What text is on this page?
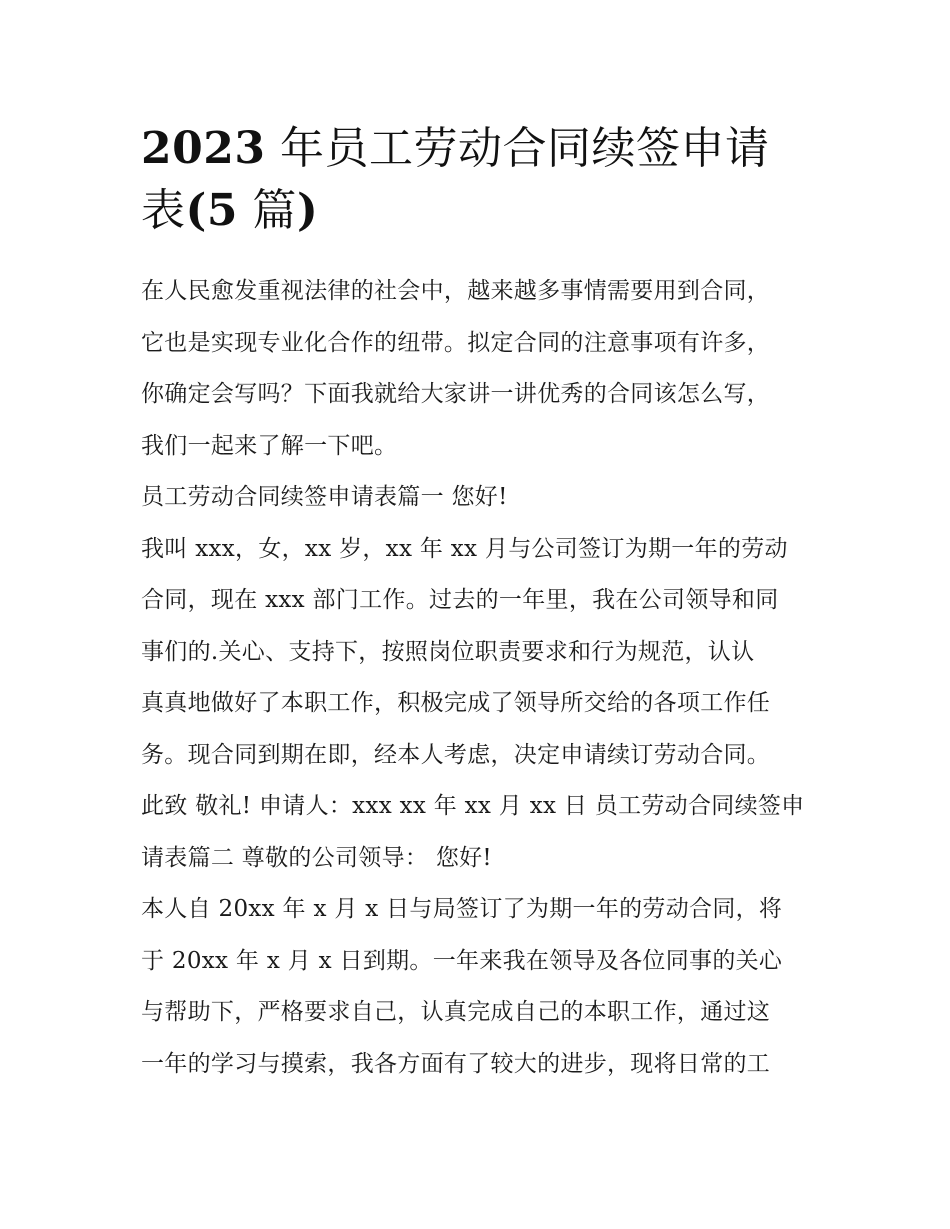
2023 年员工劳动合同续签申请
表(5 篇)
在人民愈发重视法律的社会中，越来越多事情需要用到合同，
它也是实现专业化合作的纽带。拟定合同的注意事项有许多，
你确定会写吗？下面我就给大家讲一讲优秀的合同该怎么写，
我们一起来了解一下吧。
员工劳动合同续签申请表篇一 您好!
我叫 xxx，女，xx 岁，xx 年 xx 月与公司签订为期一年的劳动
合同，现在 xxx 部门工作。过去的一年里，我在公司领导和同
事们的.关心、支持下，按照岗位职责要求和行为规范，认认
真真地做好了本职工作，积极完成了领导所交给的各项工作任
务。现合同到期在即，经本人考虑，决定申请续订劳动合同。
此致 敬礼! 申请人：xxx xx 年 xx 月 xx 日 员工劳动合同续签申
请表篇二 尊敬的公司领导： 您好!
本人自 20xx 年 x 月 x 日与局签订了为期一年的劳动合同，将
于 20xx 年 x 月 x 日到期。一年来我在领导及各位同事的关心
与帮助下，严格要求自己，认真完成自己的本职工作，通过这
一年的学习与摸索，我各方面有了较大的进步，现将日常的工
